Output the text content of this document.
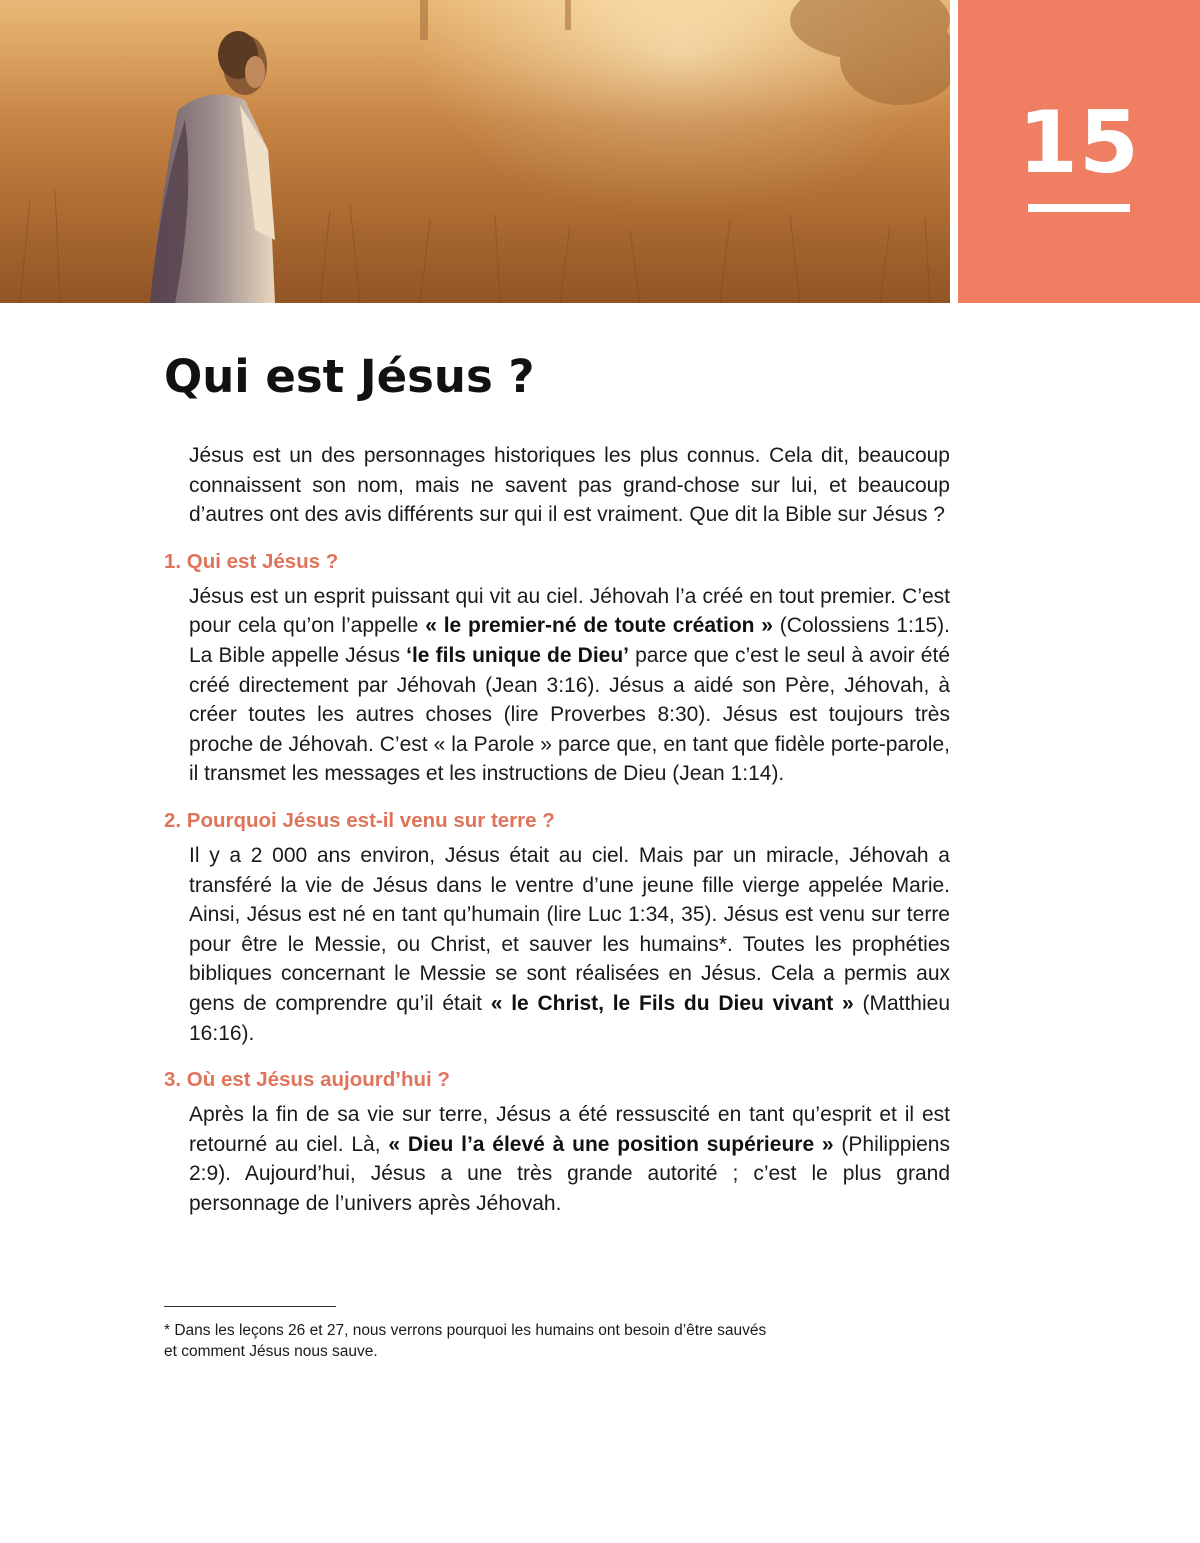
15
Qui est Jésus ?

Jésus est un des personnages historiques les plus connus. Cela dit, beaucoup connaissent son nom, mais ne savent pas grand-chose sur lui, et beaucoup d’autres ont des avis différents sur qui il est vraiment. Que dit la Bible sur Jésus ?

1. Qui est Jésus ?

Jésus est un esprit puissant qui vit au ciel. Jéhovah l’a créé en tout premier. C’est pour cela qu’on l’appelle « le premier-né de toute création » (Colossiens 1:15). La Bible appelle Jésus ‘le fils unique de Dieu’ parce que c’est le seul à avoir été créé directement par Jéhovah (Jean 3:16). Jésus a aidé son Père, Jéhovah, à créer toutes les autres choses (lire Proverbes 8:30). Jésus est toujours très proche de Jéhovah. C’est « la Parole » parce que, en tant que fidèle porte-parole, il transmet les messages et les instructions de Dieu (Jean 1:14).

2. Pourquoi Jésus est-il venu sur terre ?

Il y a 2 000 ans environ, Jésus était au ciel. Mais par un miracle, Jéhovah a transféré la vie de Jésus dans le ventre d’une jeune fille vierge appelée Marie. Ainsi, Jésus est né en tant qu’humain (lire Luc 1:34, 35). Jésus est venu sur terre pour être le Messie, ou Christ, et sauver les humains*. Toutes les prophéties bibliques concernant le Messie se sont réalisées en Jésus. Cela a permis aux gens de comprendre qu’il était « le Christ, le Fils du Dieu vivant » (Matthieu 16:16).

3. Où est Jésus aujourd’hui ?

Après la fin de sa vie sur terre, Jésus a été ressuscité en tant qu’esprit et il est retourné au ciel. Là, « Dieu l’a élevé à une position supérieure » (Philippiens 2:9). Aujourd’hui, Jésus a une très grande autorité ; c’est le plus grand personnage de l’univers après Jéhovah.

* Dans les leçons 26 et 27, nous verrons pourquoi les humains ont besoin d’être sauvés
et comment Jésus nous sauve.
